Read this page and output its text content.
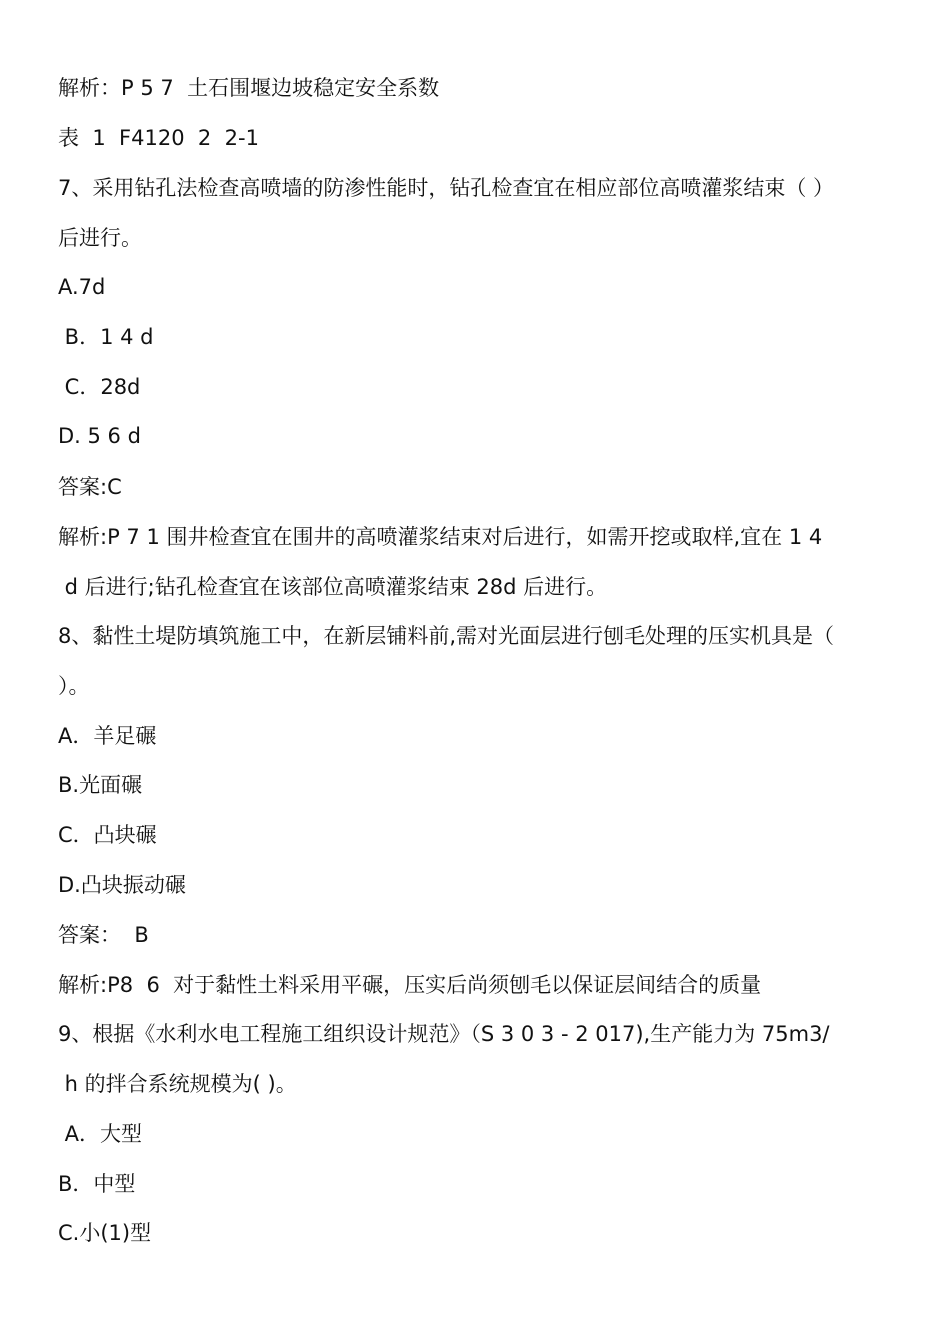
解析：P 5 7  土石围堰边坡稳定安全系数
表  1  F4120  2  2-1
7、采用钻孔法检查高喷墙的防渗性能时，钻孔检查宜在相应部位高喷灌浆结束（ ）
后进行。
A.7d
B．1 4 d
C．28d
D. 5 6 d
答案:C
解析:P 7 1 围井检查宜在围井的高喷灌浆结束对后进行，如需开挖或取样,宜在 1 4
d 后进行;钻孔检查宜在该部位高喷灌浆结束 28d 后进行。
8、黏性土堤防填筑施工中，在新层铺料前,需对光面层进行刨毛处理的压实机具是（
）。
A．羊足碾
B.光面碾
C．凸块碾
D.凸块振动碾
答案：  B
解析:P8  6  对于黏性土料采用平碾，压实后尚须刨毛以保证层间结合的质量
9、根据《水利水电工程施工组织设计规范》（S 3 0 3 - 2 017),生产能力为 75m3/
h 的拌合系统规模为( )。
A．大型
B．中型
C.小(1)型
